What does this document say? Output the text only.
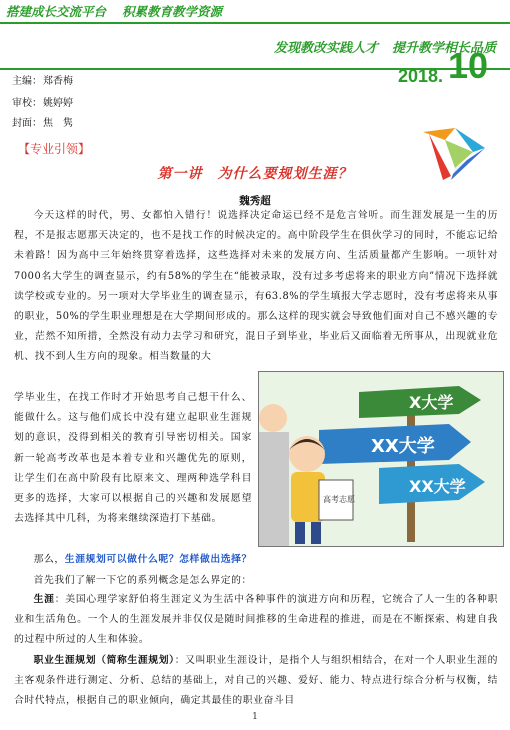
搭建成长交流平台 积累教育教学资源
发现教改实践人才 提升教学相长品质
2018. 10
主编：郑香梅
审校：姚婷婷
封面：焦　隽
【专业引领】
第一讲　为什么要规划生涯？
魏秀超

今天这样的时代，男、女都怕入错行！说选择决定命运已经不是危言耸听。而生涯发展是一生的历程，不是报志愿那天决定的，也不是找工作的时候决定的。高中阶段学生在俱伙学习的同时，不能忘记给未着路！因为高中三年始终贯穿着选择，这些选择对未来的发展方向、生活质量都产生影响。一项针对7000名大学生的调查显示，约有58%的学生在“能被录取，没有过多考虑将来的职业方向”情况下选择就读学校或专业的。另一项对大学毕业生的调查显示，有63.8%的学生填报大学志愿时，没有考虑将来从事的职业，50%的学生职业理想是在大学期间形成的。那么这样的现实就会导致他们面对自己不感兴趣的专业，茫然不知所措，全然没有动力去学习和研究，混日子到毕业，毕业后又面临着无所事从，出现就业危机、找不到人生方向的现象。相当数量的大

学毕业生，在找工作时才开始思考自己想干什么、能做什么。这与他们成长中没有建立起职业生涯规划的意识，没得到相关的教育引导密切相关。国家新一轮高考改革也是本着专业和兴趣优先的原则，让学生们在高中阶段有比原来文、理两种选学科目更多的选择，大家可以根据自己的兴趣和发展愿望去选择其中几科，为将来继续深造打下基础。

X大学
XX大学
XX大学
高考志愿

那么，生涯规划可以做什么呢？怎样做出选择？

首先我们了解一下它的系列概念是怎么界定的：

生涯：美国心理学家舒伯将生涯定义为生活中各种事件的演进方向和历程，它统合了人一生的各种职业和生活角色。一个人的生涯发展并非仅仅是随时间推移的生命进程的推进，而是在不断探索、构建自我的过程中所过的人生和体验。

职业生涯规划（简称生涯规划）：又叫职业生涯设计，是指个人与组织相结合，在对一个人职业生涯的主客观条件进行测定、分析、总结的基础上，对自己的兴趣、爱好、能力、特点进行综合分析与权衡，结合时代特点，根据自己的职业倾向，确定其最佳的职业奋斗目

1
